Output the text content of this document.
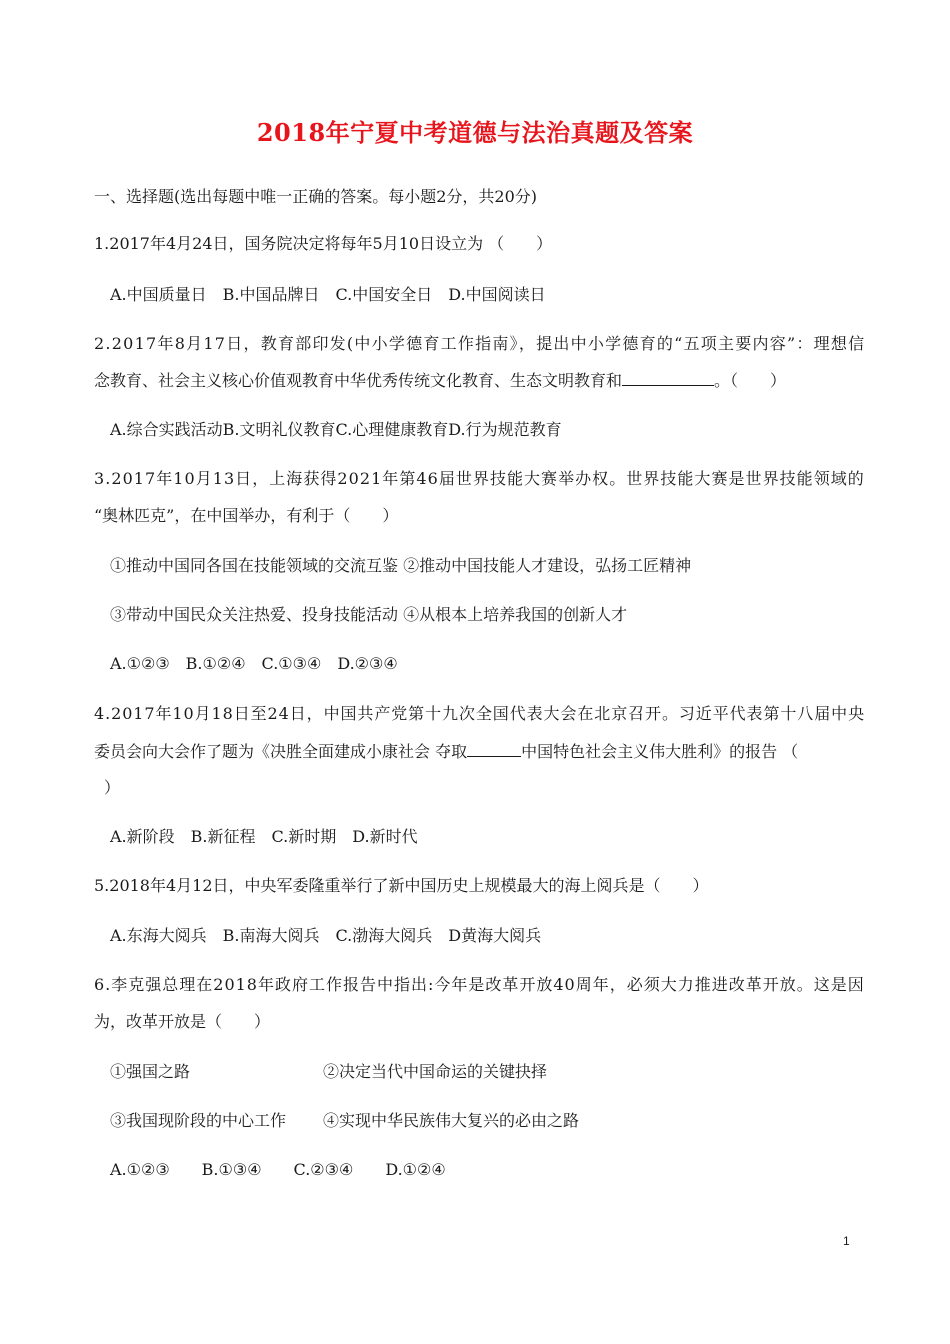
2018年宁夏中考道德与法治真题及答案
一、选择题(选出每题中唯一正确的答案。每小题2分，共20分)
1.2017年4月24日，国务院决定将每年5月10日设立为 （　　）
A.中国质量日　B.中国品牌日　C.中国安全日　D.中国阅读日
2.2017年8月17日，教育部印发(中小学德育工作指南》，提出中小学德育的“五项主要内容”：理想信
念教育、社会主义核心价值观教育中华优秀传统文化教育、生态文明教育和	。（　　）
A.综合实践活动B.文明礼仪教育C.心理健康教育D.行为规范教育
3.2017年10月13日，上海获得2021年第46届世界技能大赛举办权。世界技能大赛是世界技能领域的
“奥林匹克”，在中国举办，有利于（　　）
①推动中国同各国在技能领域的交流互鉴 ②推动中国技能人才建设，弘扬工匠精神
③带动中国民众关注热爱、投身技能活动 ④从根本上培养我国的创新人才
A.①②③　B.①②④　C.①③④　D.②③④
4.2017年10月18日至24日，中国共产党第十九次全国代表大会在北京召开。习近平代表第十八届中央
委员会向大会作了题为《决胜全面建成小康社会 夺取	中国特色社会主义伟大胜利》的报告 （
）
A.新阶段　B.新征程　C.新时期　D.新时代
5.2018年4月12日，中央军委隆重举行了新中国历史上规模最大的海上阅兵是（　　）
A.东海大阅兵　B.南海大阅兵　C.渤海大阅兵　D黄海大阅兵
6.李克强总理在2018年政府工作报告中指出:今年是改革开放40周年，必须大力推进改革开放。这是因
为，改革开放是（　　）
①强国之路	②决定当代中国命运的关键抉择
③我国现阶段的中心工作 ④实现中华民族伟大复兴的必由之路
A.①②③　　B.①③④　　C.②③④　　D.①②④
1
